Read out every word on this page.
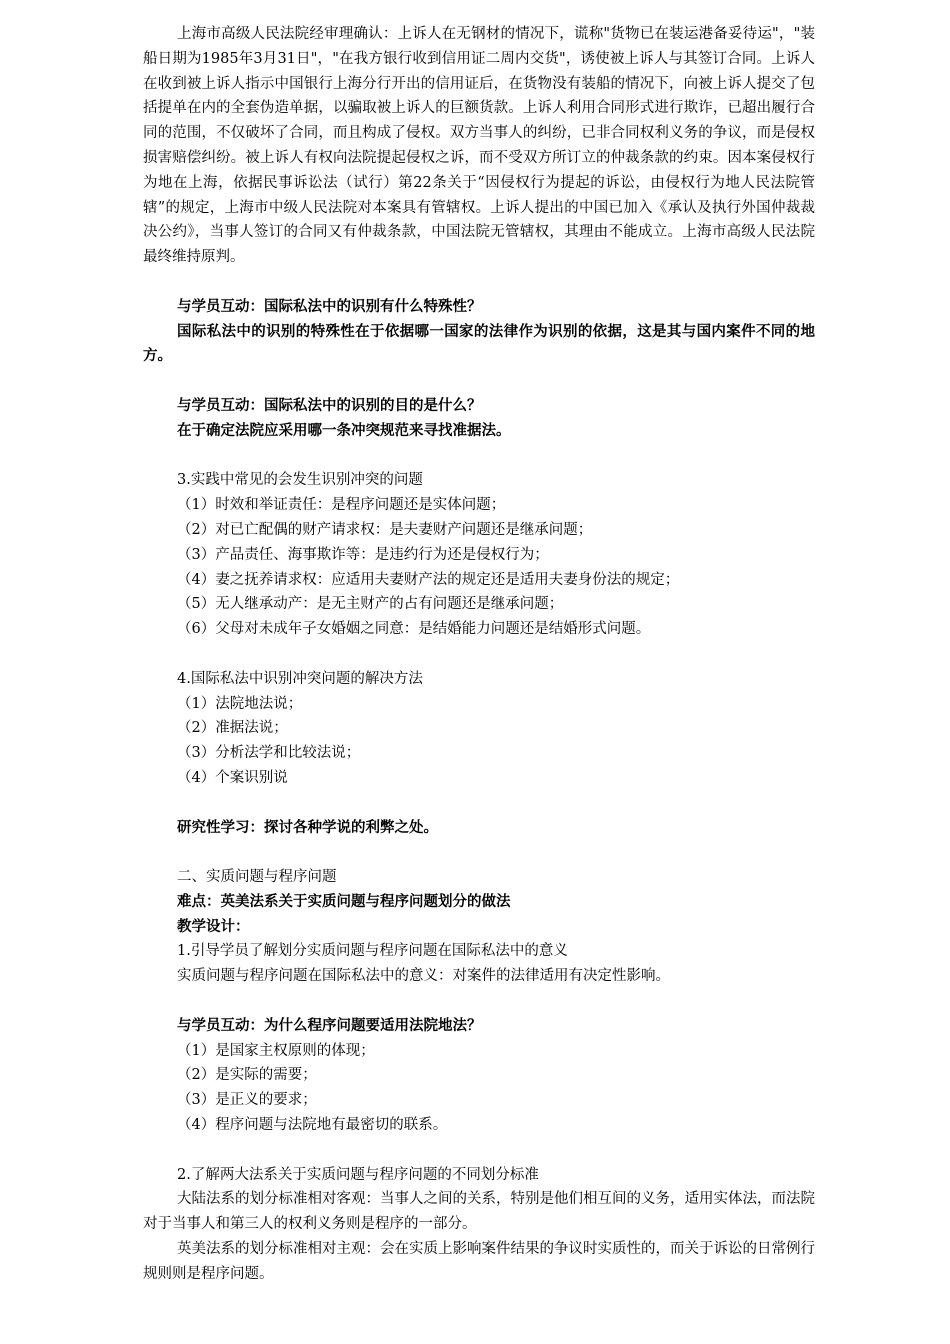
上海市高级人民法院经审理确认：上诉人在无钢材的情况下，谎称"货物已在装运港备妥待运"，"装船日期为1985年3月31日"，"在我方银行收到信用证二周内交货"，诱使被上诉人与其签订合同。上诉人在收到被上诉人指示中国银行上海分行开出的信用证后，在货物没有装船的情况下，向被上诉人提交了包括提单在内的全套伪造单据，以骗取被上诉人的巨额货款。上诉人利用合同形式进行欺诈，已超出履行合同的范围，不仅破坏了合同，而且构成了侵权。双方当事人的纠纷，已非合同权利义务的争议，而是侵权损害赔偿纠纷。被上诉人有权向法院提起侵权之诉，而不受双方所订立的仲裁条款的约束。因本案侵权行为地在上海，依据民事诉讼法（试行）第22条关于“因侵权行为提起的诉讼，由侵权行为地人民法院管辖”的规定，上海市中级人民法院对本案具有管辖权。上诉人提出的中国已加入《承认及执行外国仲裁裁决公约》，当事人签订的合同又有仲裁条款，中国法院无管辖权，其理由不能成立。上海市高级人民法院最终维持原判。

与学员互动：国际私法中的识别有什么特殊性？

国际私法中的识别的特殊性在于依据哪一国家的法律作为识别的依据，这是其与国内案件不同的地方。

与学员互动：国际私法中的识别的目的是什么？

在于确定法院应采用哪一条冲突规范来寻找准据法。

3.实践中常见的会发生识别冲突的问题

（1）时效和举证责任：是程序问题还是实体问题；
（2）对已亡配偶的财产请求权：是夫妻财产问题还是继承问题；
（3）产品责任、海事欺诈等：是违约行为还是侵权行为；
（4）妻之抚养请求权：应适用夫妻财产法的规定还是适用夫妻身份法的规定；
（5）无人继承动产：是无主财产的占有问题还是继承问题；
（6）父母对未成年子女婚姻之同意：是结婚能力问题还是结婚形式问题。

4.国际私法中识别冲突问题的解决方法

（1）法院地法说；
（2）准据法说；
（3）分析法学和比较法说；
（4）个案识别说

研究性学习：探讨各种学说的利弊之处。

二、实质问题与程序问题

难点：英美法系关于实质问题与程序问题划分的做法

教学设计：

1.引导学员了解划分实质问题与程序问题在国际私法中的意义

实质问题与程序问题在国际私法中的意义：对案件的法律适用有决定性影响。

与学员互动：为什么程序问题要适用法院地法？

（1）是国家主权原则的体现；
（2）是实际的需要；
（3）是正义的要求；
（4）程序问题与法院地有最密切的联系。

2.了解两大法系关于实质问题与程序问题的不同划分标准

大陆法系的划分标准相对客观：当事人之间的关系，特别是他们相互间的义务，适用实体法，而法院对于当事人和第三人的权利义务则是程序的一部分。

英美法系的划分标准相对主观：会在实质上影响案件结果的争议时实质性的，而关于诉讼的日常例行规则则是程序问题。
